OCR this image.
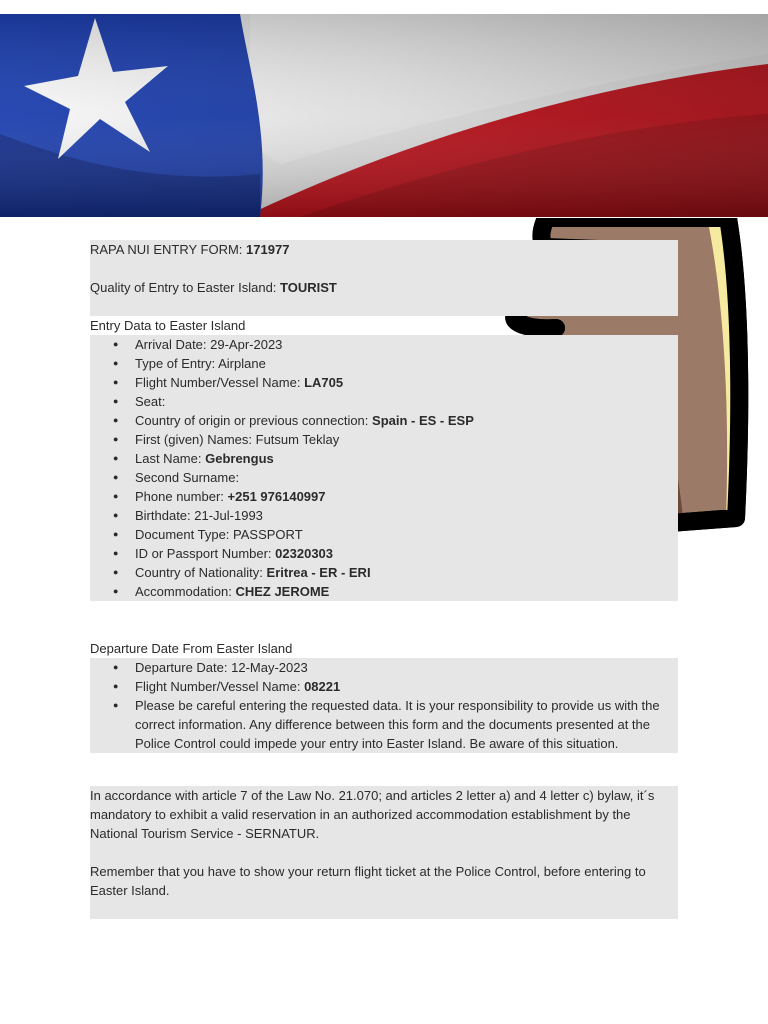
RAPA NUI ENTRY FORM: 171977

Quality of Entry to Easter Island: TOURIST

Entry Data to Easter Island

● Arrival Date: 29-Apr-2023
● Type of Entry: Airplane
● Flight Number/Vessel Name: LA705
● Seat:
● Country of origin or previous connection: Spain - ES - ESP
● First (given) Names: Futsum Teklay
● Last Name: Gebrengus
● Second Surname:
● Phone number: +251 976140997
● Birthdate: 21-Jul-1993
● Document Type: PASSPORT
● ID or Passport Number: 02320303
● Country of Nationality: Eritrea - ER - ERI
● Accommodation: CHEZ JEROME

Departure Date From Easter Island

● Departure Date: 12-May-2023
● Flight Number/Vessel Name: 08221
● Please be careful entering the requested data. It is your responsibility to provide us with the correct information. Any difference between this form and the documents presented at the Police Control could impede your entry into Easter Island. Be aware of this situation.

In accordance with article 7 of the Law No. 21.070; and articles 2 letter a) and 4 letter c) bylaw, it´s mandatory to exhibit a valid reservation in an authorized accommodation establishment by the National Tourism Service - SERNATUR.

Remember that you have to show your return flight ticket at the Police Control, before entering to Easter Island.
